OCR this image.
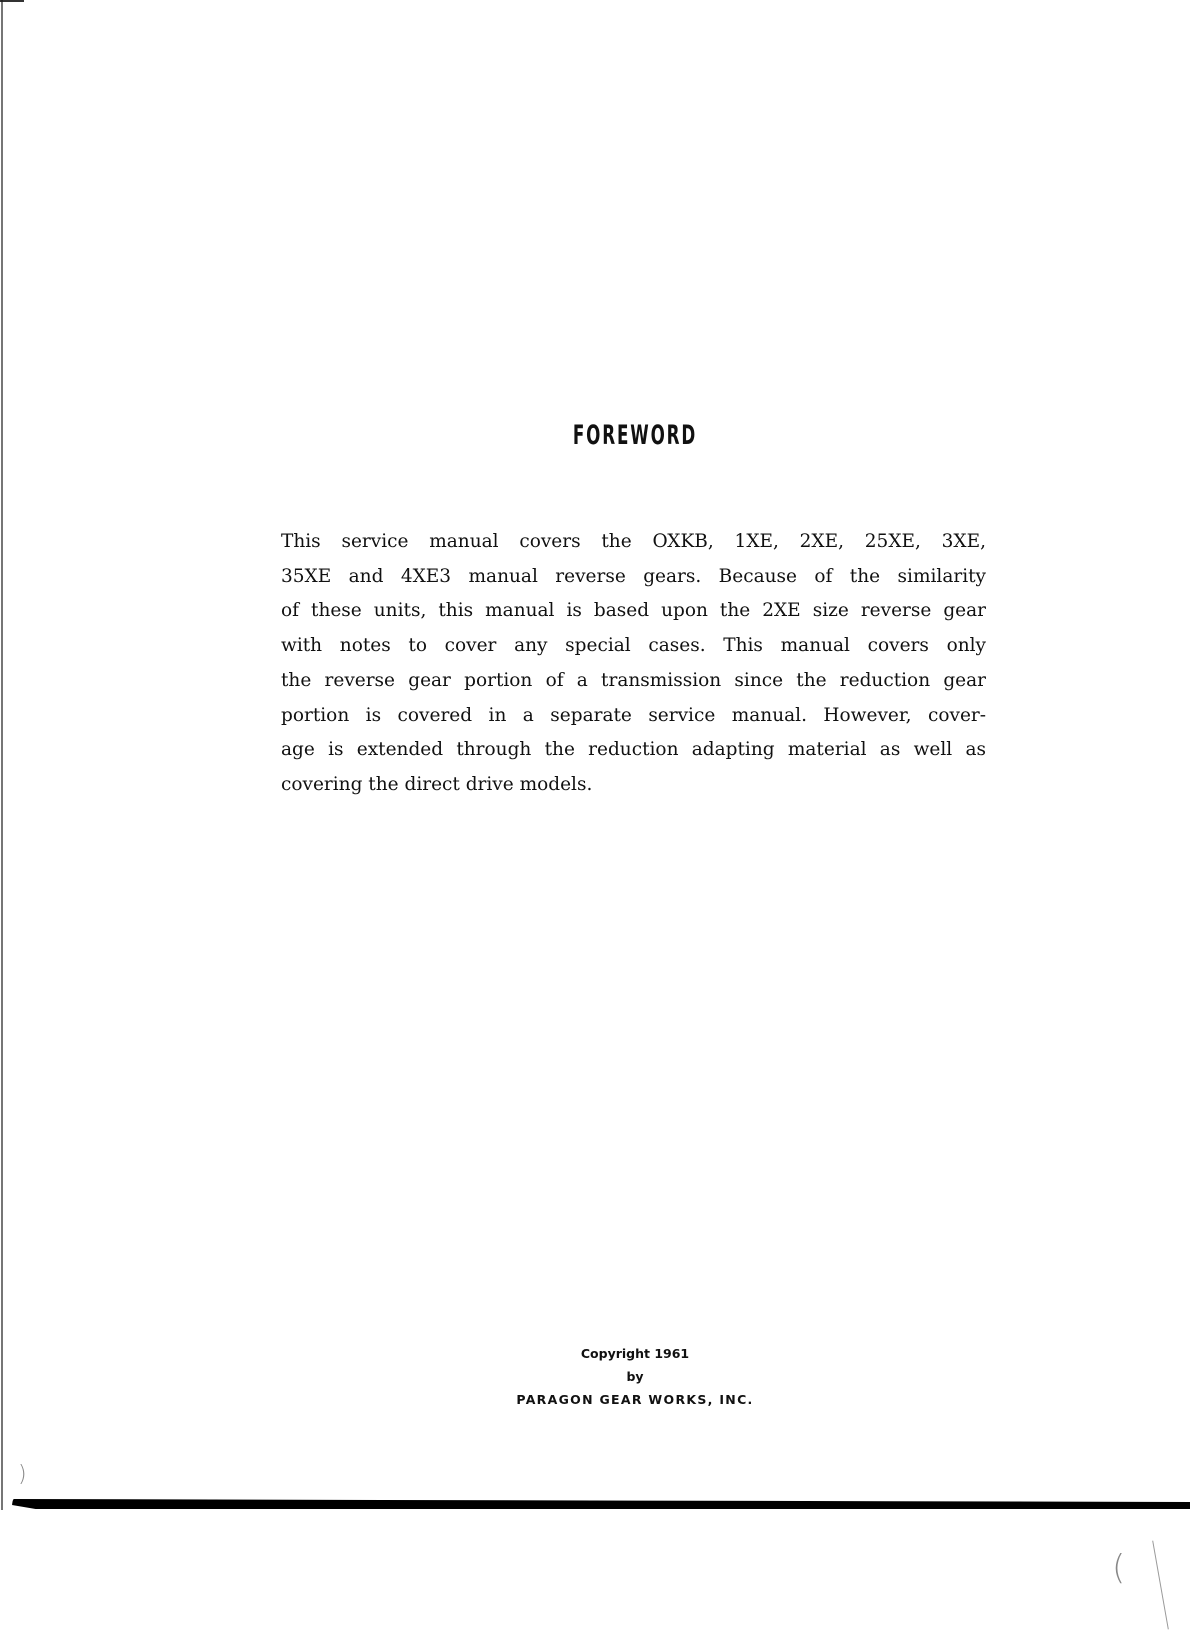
FOREWORD
This service manual covers the OXKB, 1XE, 2XE, 25XE, 3XE,
35XE and 4XE3 manual reverse gears. Because of the similarity
of these units, this manual is based upon the 2XE size reverse gear
with notes to cover any special cases. This manual covers only
the reverse gear portion of a transmission since the reduction gear
portion is covered in a separate service manual. However, cover-
age is extended through the reduction adapting material as well as
covering the direct drive models.
Copyright 1961
by
PARAGON GEAR WORKS, INC.
)
(
